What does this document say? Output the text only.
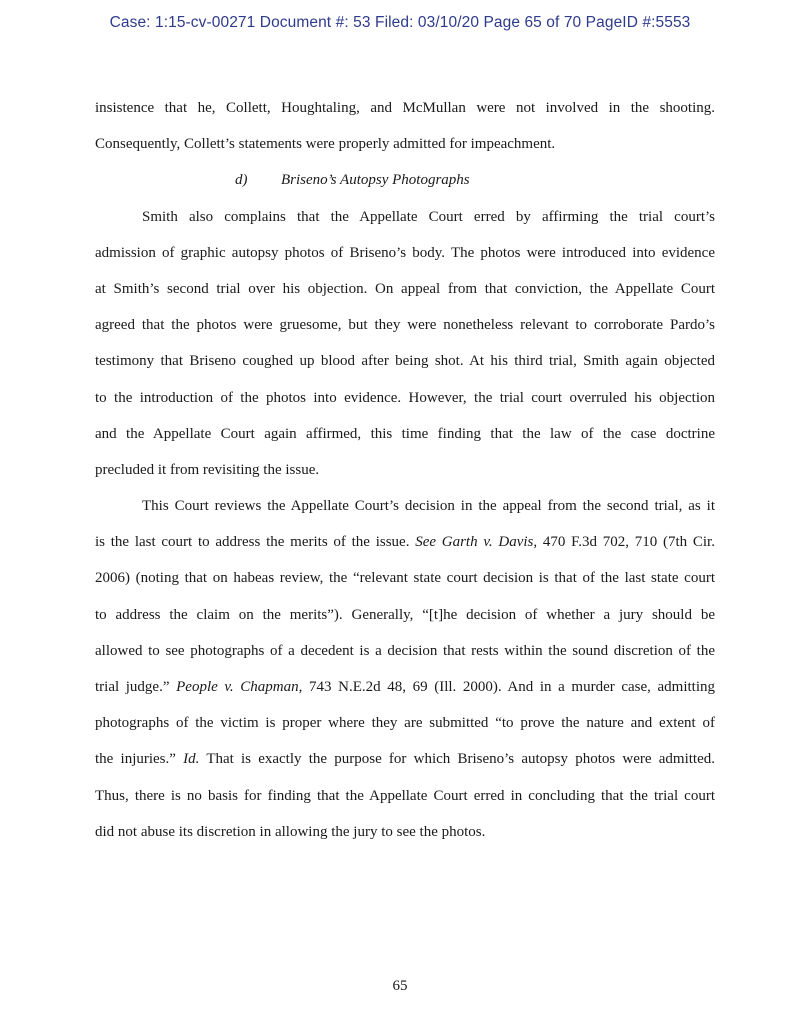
Case: 1:15-cv-00271 Document #: 53 Filed: 03/10/20 Page 65 of 70 PageID #:5553
insistence that he, Collett, Houghtaling, and McMullan were not involved in the shooting.
Consequently, Collett’s statements were properly admitted for impeachment.
d) Briseno’s Autopsy Photographs
Smith also complains that the Appellate Court erred by affirming the trial court’s
admission of graphic autopsy photos of Briseno’s body. The photos were introduced into evidence
at Smith’s second trial over his objection. On appeal from that conviction, the Appellate Court
agreed that the photos were gruesome, but they were nonetheless relevant to corroborate Pardo’s
testimony that Briseno coughed up blood after being shot. At his third trial, Smith again objected
to the introduction of the photos into evidence. However, the trial court overruled his objection
and the Appellate Court again affirmed, this time finding that the law of the case doctrine
precluded it from revisiting the issue.
This Court reviews the Appellate Court’s decision in the appeal from the second trial, as it
is the last court to address the merits of the issue. See Garth v. Davis, 470 F.3d 702, 710 (7th Cir.
2006) (noting that on habeas review, the “relevant state court decision is that of the last state court
to address the claim on the merits”). Generally, “[t]he decision of whether a jury should be
allowed to see photographs of a decedent is a decision that rests within the sound discretion of the
trial judge.” People v. Chapman, 743 N.E.2d 48, 69 (Ill. 2000). And in a murder case, admitting
photographs of the victim is proper where they are submitted “to prove the nature and extent of
the injuries.” Id. That is exactly the purpose for which Briseno’s autopsy photos were admitted.
Thus, there is no basis for finding that the Appellate Court erred in concluding that the trial court
did not abuse its discretion in allowing the jury to see the photos.
65
